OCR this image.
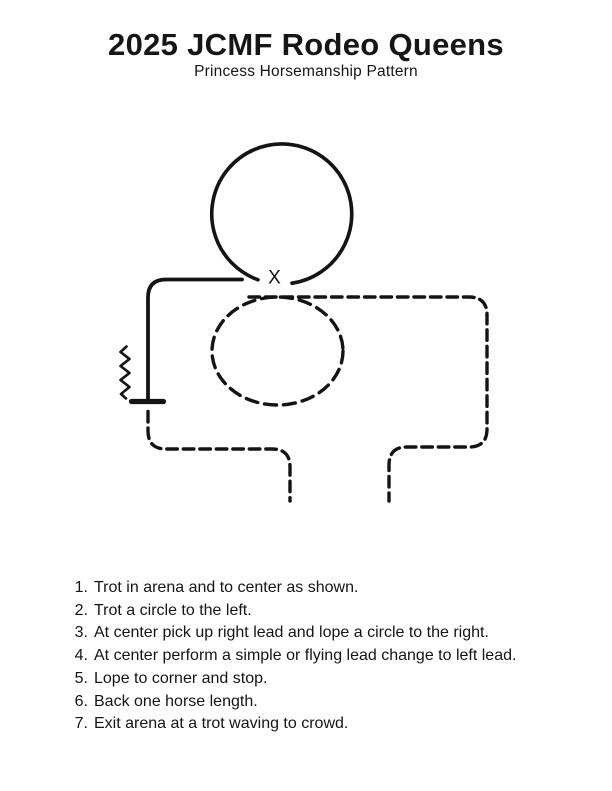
2025 JCMF Rodeo Queens
Princess Horsemanship Pattern
X
1. Trot in arena and to center as shown.
2. Trot a circle to the left.
3. At center pick up right lead and lope a circle to the right.
4. At center perform a simple or flying lead change to left lead.
5. Lope to corner and stop.
6. Back one horse length.
7. Exit arena at a trot waving to crowd.
